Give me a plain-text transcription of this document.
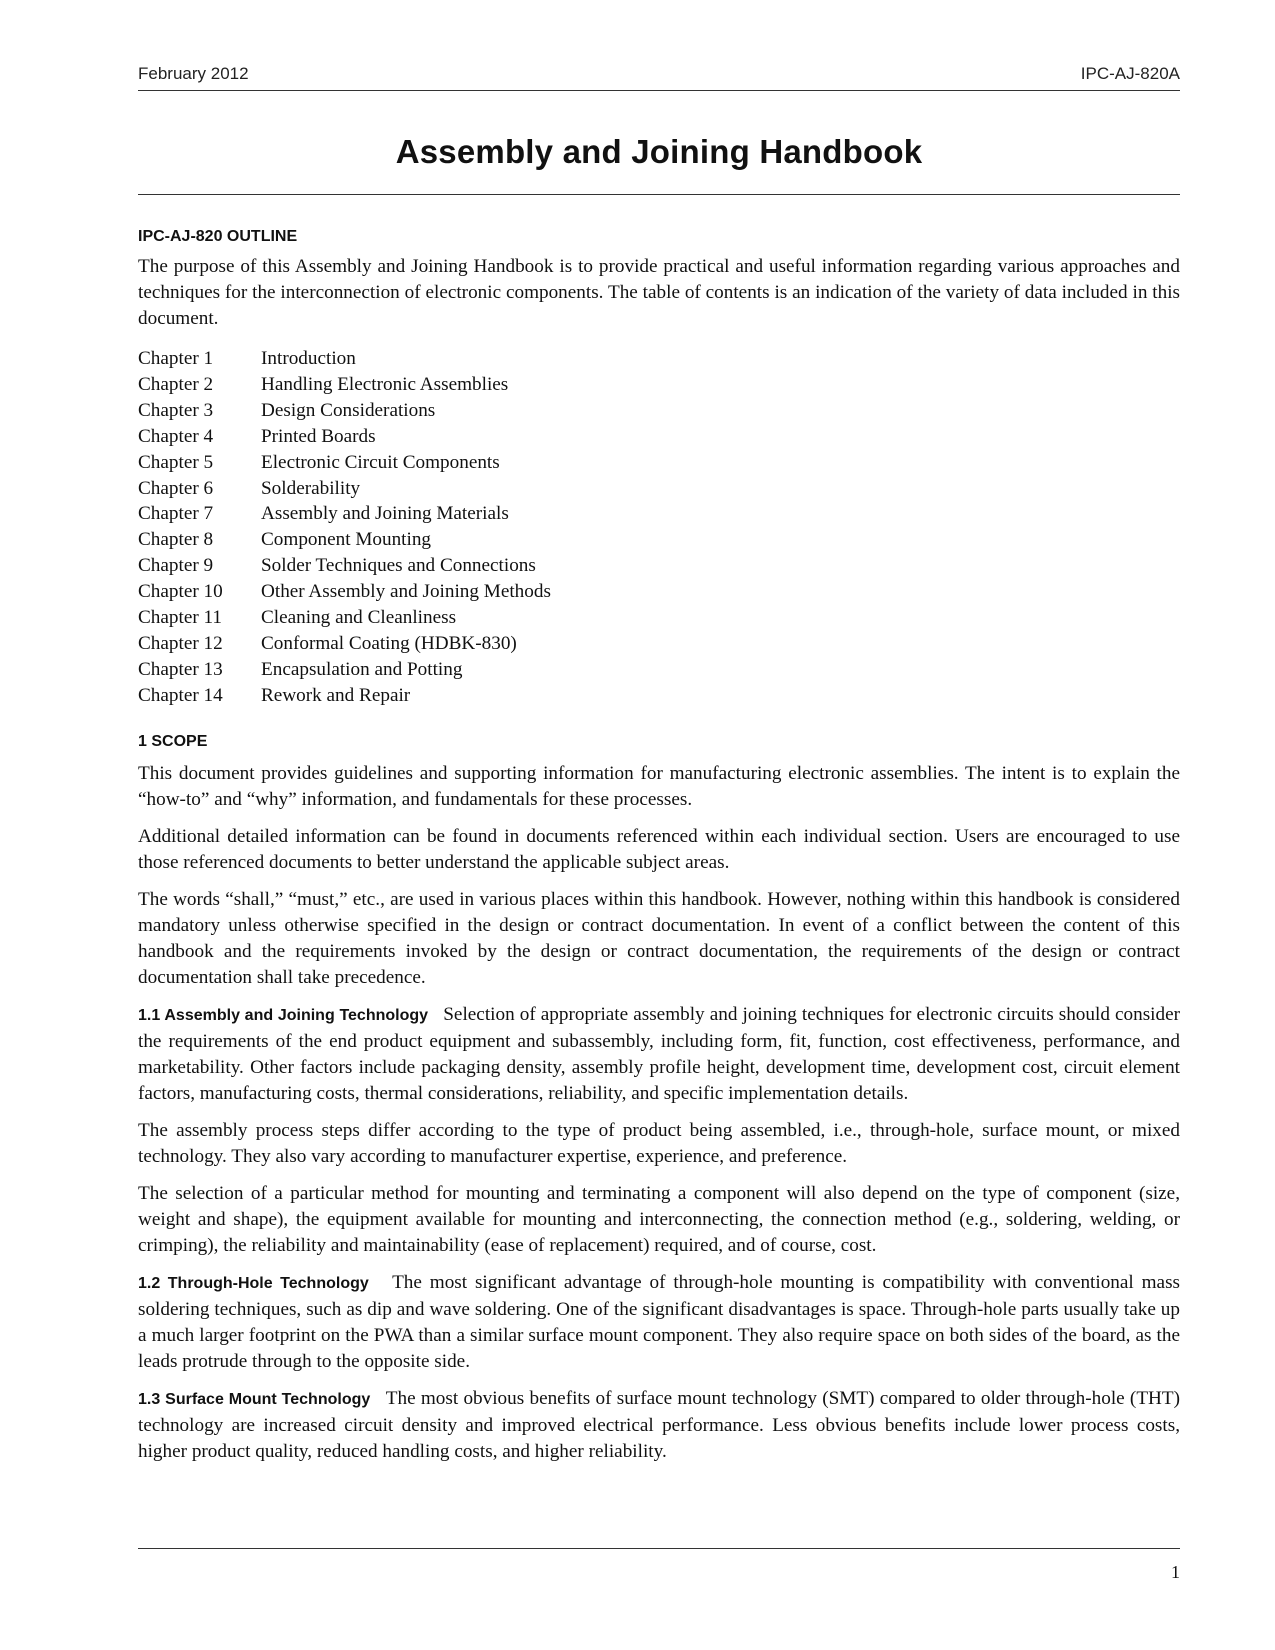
February 2012	IPC-AJ-820A
Assembly and Joining Handbook
IPC-AJ-820 OUTLINE

The purpose of this Assembly and Joining Handbook is to provide practical and useful information regarding various approaches and techniques for the interconnection of electronic components. The table of contents is an indication of the variety of data included in this document.

Chapter 1	Introduction
Chapter 2	Handling Electronic Assemblies
Chapter 3	Design Considerations
Chapter 4	Printed Boards
Chapter 5	Electronic Circuit Components
Chapter 6	Solderability
Chapter 7	Assembly and Joining Materials
Chapter 8	Component Mounting
Chapter 9	Solder Techniques and Connections
Chapter 10	Other Assembly and Joining Methods
Chapter 11	Cleaning and Cleanliness
Chapter 12	Conformal Coating (HDBK-830)
Chapter 13	Encapsulation and Potting
Chapter 14	Rework and Repair
1 SCOPE

This document provides guidelines and supporting information for manufacturing electronic assemblies. The intent is to explain the “how-to” and “why” information, and fundamentals for these processes.

Additional detailed information can be found in documents referenced within each individual section. Users are encouraged to use those referenced documents to better understand the applicable subject areas.

The words “shall,” “must,” etc., are used in various places within this handbook. However, nothing within this handbook is considered mandatory unless otherwise specified in the design or contract documentation. In event of a conflict between the content of this handbook and the requirements invoked by the design or contract documentation, the requirements of the design or contract documentation shall take precedence.

1.1 Assembly and Joining Technology Selection of appropriate assembly and joining techniques for electronic circuits should consider the requirements of the end product equipment and subassembly, including form, fit, function, cost effectiveness, performance, and marketability. Other factors include packaging density, assembly profile height, development time, development cost, circuit element factors, manufacturing costs, thermal considerations, reliability, and specific implementation details.

The assembly process steps differ according to the type of product being assembled, i.e., through-hole, surface mount, or mixed technology. They also vary according to manufacturer expertise, experience, and preference.

The selection of a particular method for mounting and terminating a component will also depend on the type of component (size, weight and shape), the equipment available for mounting and interconnecting, the connection method (e.g., soldering, welding, or crimping), the reliability and maintainability (ease of replacement) required, and of course, cost.

1.2 Through-Hole Technology The most significant advantage of through-hole mounting is compatibility with conventional mass soldering techniques, such as dip and wave soldering. One of the significant disadvantages is space. Through-hole parts usually take up a much larger footprint on the PWA than a similar surface mount component. They also require space on both sides of the board, as the leads protrude through to the opposite side.

1.3 Surface Mount Technology The most obvious benefits of surface mount technology (SMT) compared to older through-hole (THT) technology are increased circuit density and improved electrical performance. Less obvious benefits include lower process costs, higher product quality, reduced handling costs, and higher reliability.

1
